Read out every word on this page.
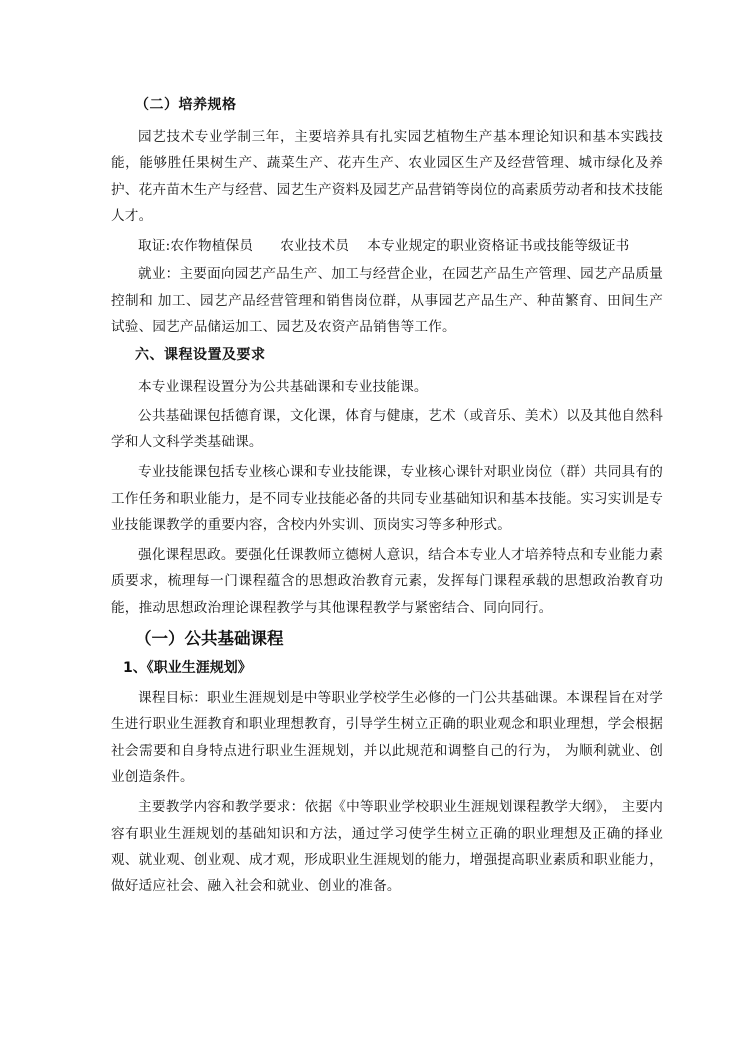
（二）培养规格

园艺技术专业学制三年，主要培养具有扎实园艺植物生产基本理论知识和基本实践技能，能够胜任果树生产、蔬菜生产、花卉生产、农业园区生产及经营管理、城市绿化及养护、花卉苗木生产与经营、园艺生产资料及园艺产品营销等岗位的高素质劳动者和技术技能人才。

取证:农作物植保员      农业技术员    本专业规定的职业资格证书或技能等级证书

就业：主要面向园艺产品生产、加工与经营企业，在园艺产品生产管理、园艺产品质量控制和 加工、园艺产品经营管理和销售岗位群，从事园艺产品生产、种苗繁育、田间生产试验、园艺产品储运加工、园艺及农资产品销售等工作。

六、课程设置及要求

本专业课程设置分为公共基础课和专业技能课。

公共基础课包括德育课，文化课，体育与健康，艺术（或音乐、美术）以及其他自然科学和人文科学类基础课。

专业技能课包括专业核心课和专业技能课，专业核心课针对职业岗位（群）共同具有的工作任务和职业能力，是不同专业技能必备的共同专业基础知识和基本技能。实习实训是专业技能课教学的重要内容，含校内外实训、顶岗实习等多种形式。

强化课程思政。要强化任课教师立德树人意识，结合本专业人才培养特点和专业能力素质要求，梳理每一门课程蕴含的思想政治教育元素，发挥每门课程承载的思想政治教育功能，推动思想政治理论课程教学与其他课程教学与紧密结合、同向同行。

（一）公共基础课程
1、《职业生涯规划》

课程目标：职业生涯规划是中等职业学校学生必修的一门公共基础课。本课程旨在对学生进行职业生涯教育和职业理想教育，引导学生树立正确的职业观念和职业理想，学会根据社会需要和自身特点进行职业生涯规划，并以此规范和调整自己的行为， 为顺利就业、创业创造条件。

主要教学内容和教学要求：依据《中等职业学校职业生涯规划课程教学大纲》， 主要内容有职业生涯规划的基础知识和方法，通过学习使学生树立正确的职业理想及正确的择业观、就业观、创业观、成才观，形成职业生涯规划的能力，增强提高职业素质和职业能力，做好适应社会、融入社会和就业、创业的准备。
